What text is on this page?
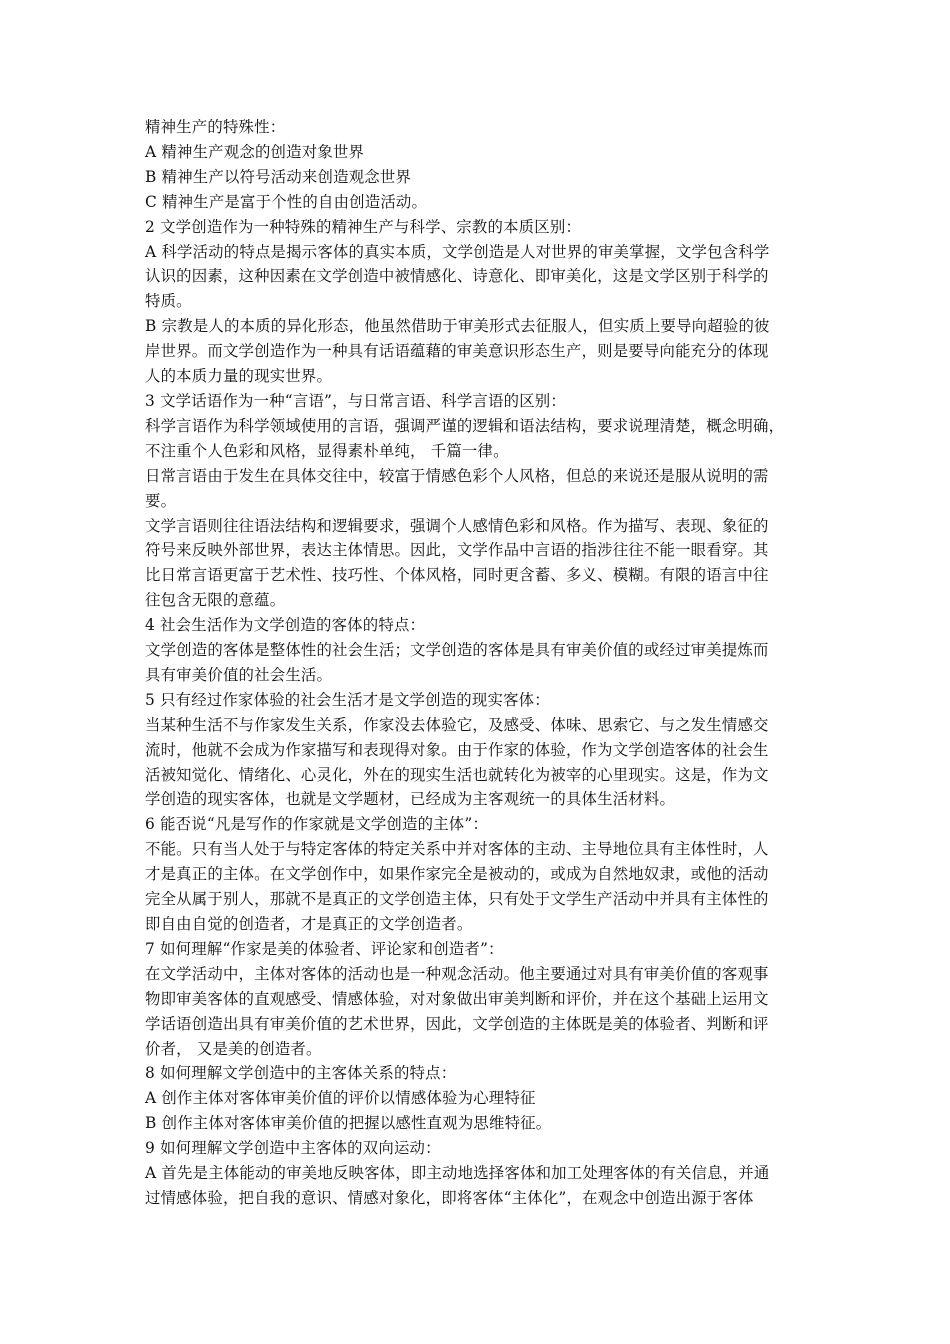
精神生产的特殊性：
A 精神生产观念的创造对象世界
B 精神生产以符号活动来创造观念世界
C 精神生产是富于个性的自由创造活动。
2 文学创造作为一种特殊的精神生产与科学、宗教的本质区别：
A 科学活动的特点是揭示客体的真实本质，文学创造是人对世界的审美掌握，文学包含科学
认识的因素，这种因素在文学创造中被情感化、诗意化、即审美化，这是文学区别于科学的
特质。
B 宗教是人的本质的异化形态，他虽然借助于审美形式去征服人，但实质上要导向超验的彼
岸世界。而文学创造作为一种具有话语蕴藉的审美意识形态生产，则是要导向能充分的体现
人的本质力量的现实世界。
3 文学话语作为一种“言语”，与日常言语、科学言语的区别：
科学言语作为科学领域使用的言语，强调严谨的逻辑和语法结构，要求说理清楚，概念明确，
不注重个人色彩和风格，显得素朴单纯， 千篇一律。
日常言语由于发生在具体交往中，较富于情感色彩个人风格，但总的来说还是服从说明的需
要。
文学言语则往往语法结构和逻辑要求，强调个人感情色彩和风格。作为描写、表现、象征的
符号来反映外部世界，表达主体情思。因此，文学作品中言语的指涉往往不能一眼看穿。其
比日常言语更富于艺术性、技巧性、个体风格，同时更含蓄、多义、模糊。有限的语言中往
往包含无限的意蕴。
4 社会生活作为文学创造的客体的特点：
文学创造的客体是整体性的社会生活；文学创造的客体是具有审美价值的或经过审美提炼而
具有审美价值的社会生活。
5 只有经过作家体验的社会生活才是文学创造的现实客体：
当某种生活不与作家发生关系，作家没去体验它，及感受、体味、思索它、与之发生情感交
流时，他就不会成为作家描写和表现得对象。由于作家的体验，作为文学创造客体的社会生
活被知觉化、情绪化、心灵化，外在的现实生活也就转化为被宰的心里现实。这是，作为文
学创造的现实客体，也就是文学题材，已经成为主客观统一的具体生活材料。
6 能否说“凡是写作的作家就是文学创造的主体”：
不能。只有当人处于与特定客体的特定关系中并对客体的主动、主导地位具有主体性时，人
才是真正的主体。在文学创作中，如果作家完全是被动的，或成为自然地奴隶，或他的活动
完全从属于别人，那就不是真正的文学创造主体，只有处于文学生产活动中并具有主体性的
即自由自觉的创造者，才是真正的文学创造者。
7 如何理解“作家是美的体验者、评论家和创造者”：
在文学活动中，主体对客体的活动也是一种观念活动。他主要通过对具有审美价值的客观事
物即审美客体的直观感受、情感体验，对对象做出审美判断和评价，并在这个基础上运用文
学话语创造出具有审美价值的艺术世界，因此，文学创造的主体既是美的体验者、判断和评
价者， 又是美的创造者。
8 如何理解文学创造中的主客体关系的特点：
A 创作主体对客体审美价值的评价以情感体验为心理特征
B 创作主体对客体审美价值的把握以感性直观为思维特征。
9 如何理解文学创造中主客体的双向运动：
A 首先是主体能动的审美地反映客体，即主动地选择客体和加工处理客体的有关信息，并通
过情感体验，把自我的意识、情感对象化，即将客体“主体化”，在观念中创造出源于客体
